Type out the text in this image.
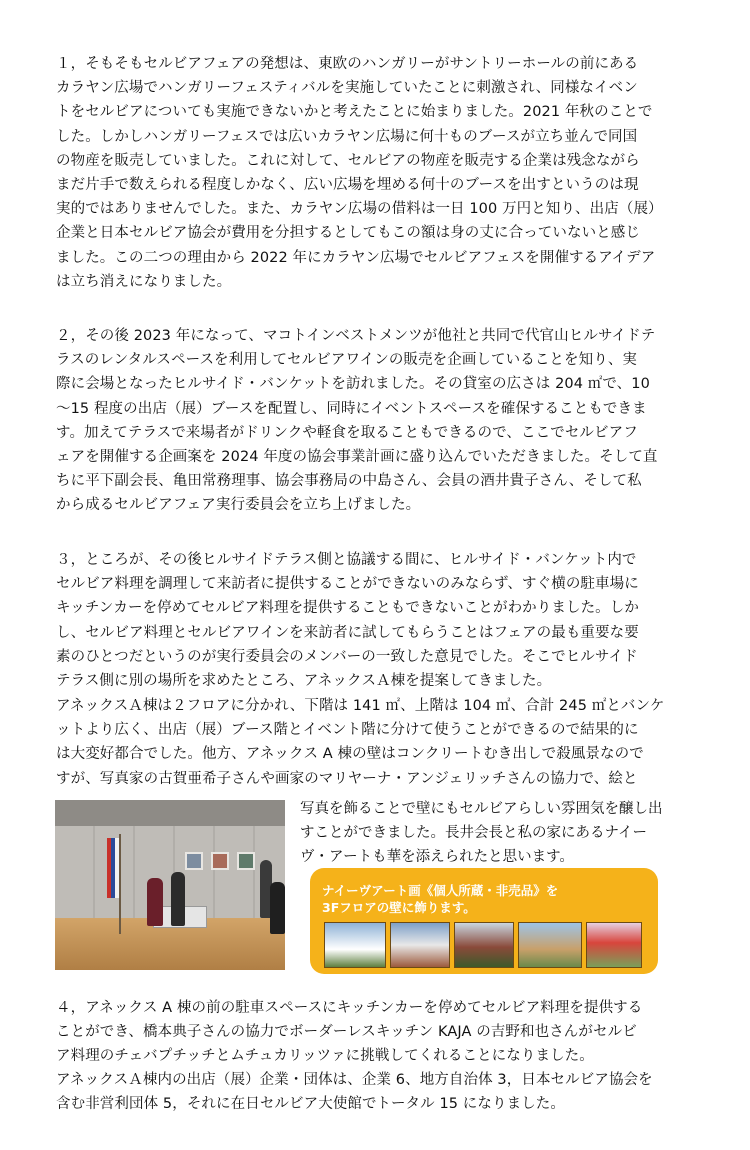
１，そもそもセルビアフェアの発想は、東欧のハンガリーがサントリーホールの前にある
カラヤン広場でハンガリーフェスティバルを実施していたことに刺激され、同様なイベン
トをセルビアについても実施できないかと考えたことに始まりました。2021 年秋のことで
した。しかしハンガリーフェスでは広いカラヤン広場に何十ものブースが立ち並んで同国
の物産を販売していました。これに対して、セルビアの物産を販売する企業は残念ながら
まだ片手で数えられる程度しかなく、広い広場を埋める何十のブースを出すというのは現
実的ではありませんでした。また、カラヤン広場の借料は一日 100 万円と知り、出店（展）
企業と日本セルビア協会が費用を分担するとしてもこの額は身の丈に合っていないと感じ
ました。この二つの理由から 2022 年にカラヤン広場でセルビアフェスを開催するアイデア
は立ち消えになりました。
２，その後 2023 年になって、マコトインベストメンツが他社と共同で代官山ヒルサイドテ
ラスのレンタルスペースを利用してセルビアワインの販売を企画していることを知り、実
際に会場となったヒルサイド・バンケットを訪れました。その貸室の広さは 204 ㎡で、10
～15 程度の出店（展）ブースを配置し、同時にイベントスペースを確保することもできま
す。加えてテラスで来場者がドリンクや軽食を取ることもできるので、ここでセルビアフ
ェアを開催する企画案を 2024 年度の協会事業計画に盛り込んでいただきました。そして直
ちに平下副会長、亀田常務理事、協会事務局の中島さん、会員の酒井貴子さん、そして私
から成るセルビアフェア実行委員会を立ち上げました。
３，ところが、その後ヒルサイドテラス側と協議する間に、ヒルサイド・バンケット内で
セルビア料理を調理して来訪者に提供することができないのみならず、すぐ横の駐車場に
キッチンカーを停めてセルビア料理を提供することもできないことがわかりました。しか
し、セルビア料理とセルビアワインを来訪者に試してもらうことはフェアの最も重要な要
素のひとつだというのが実行委員会のメンバーの一致した意見でした。そこでヒルサイド
テラス側に別の場所を求めたところ、アネックスＡ棟を提案してきました。
アネックスＡ棟は２フロアに分かれ、下階は 141 ㎡、上階は 104 ㎡、合計 245 ㎡とバンケ
ットより広く、出店（展）ブース階とイベント階に分けて使うことができるので結果的に
は大変好都合でした。他方、アネックス A 棟の壁はコンクリートむき出しで殺風景なので
すが、写真家の古賀亜希子さんや画家のマリヤーナ・アンジェリッチさんの協力で、絵と
写真を飾ることで壁にもセルビアらしい雰囲気を醸し出
すことができました。長井会長と私の家にあるナイー
ヴ・アートも華を添えられたと思います。
ナイーヴアート画《個人所蔵・非売品》を
3Fフロアの壁に飾ります。
４，アネックス A 棟の前の駐車スペースにキッチンカーを停めてセルビア料理を提供する
ことができ、橋本典子さんの協力でボーダーレスキッチン KAJA の吉野和也さんがセルビ
ア料理のチェバプチッチとムチュカリッツァに挑戦してくれることになりました。
アネックスＡ棟内の出店（展）企業・団体は、企業 6、地方自治体 3，日本セルビア協会を
含む非営利団体 5，それに在日セルビア大使館でトータル 15 になりました。
